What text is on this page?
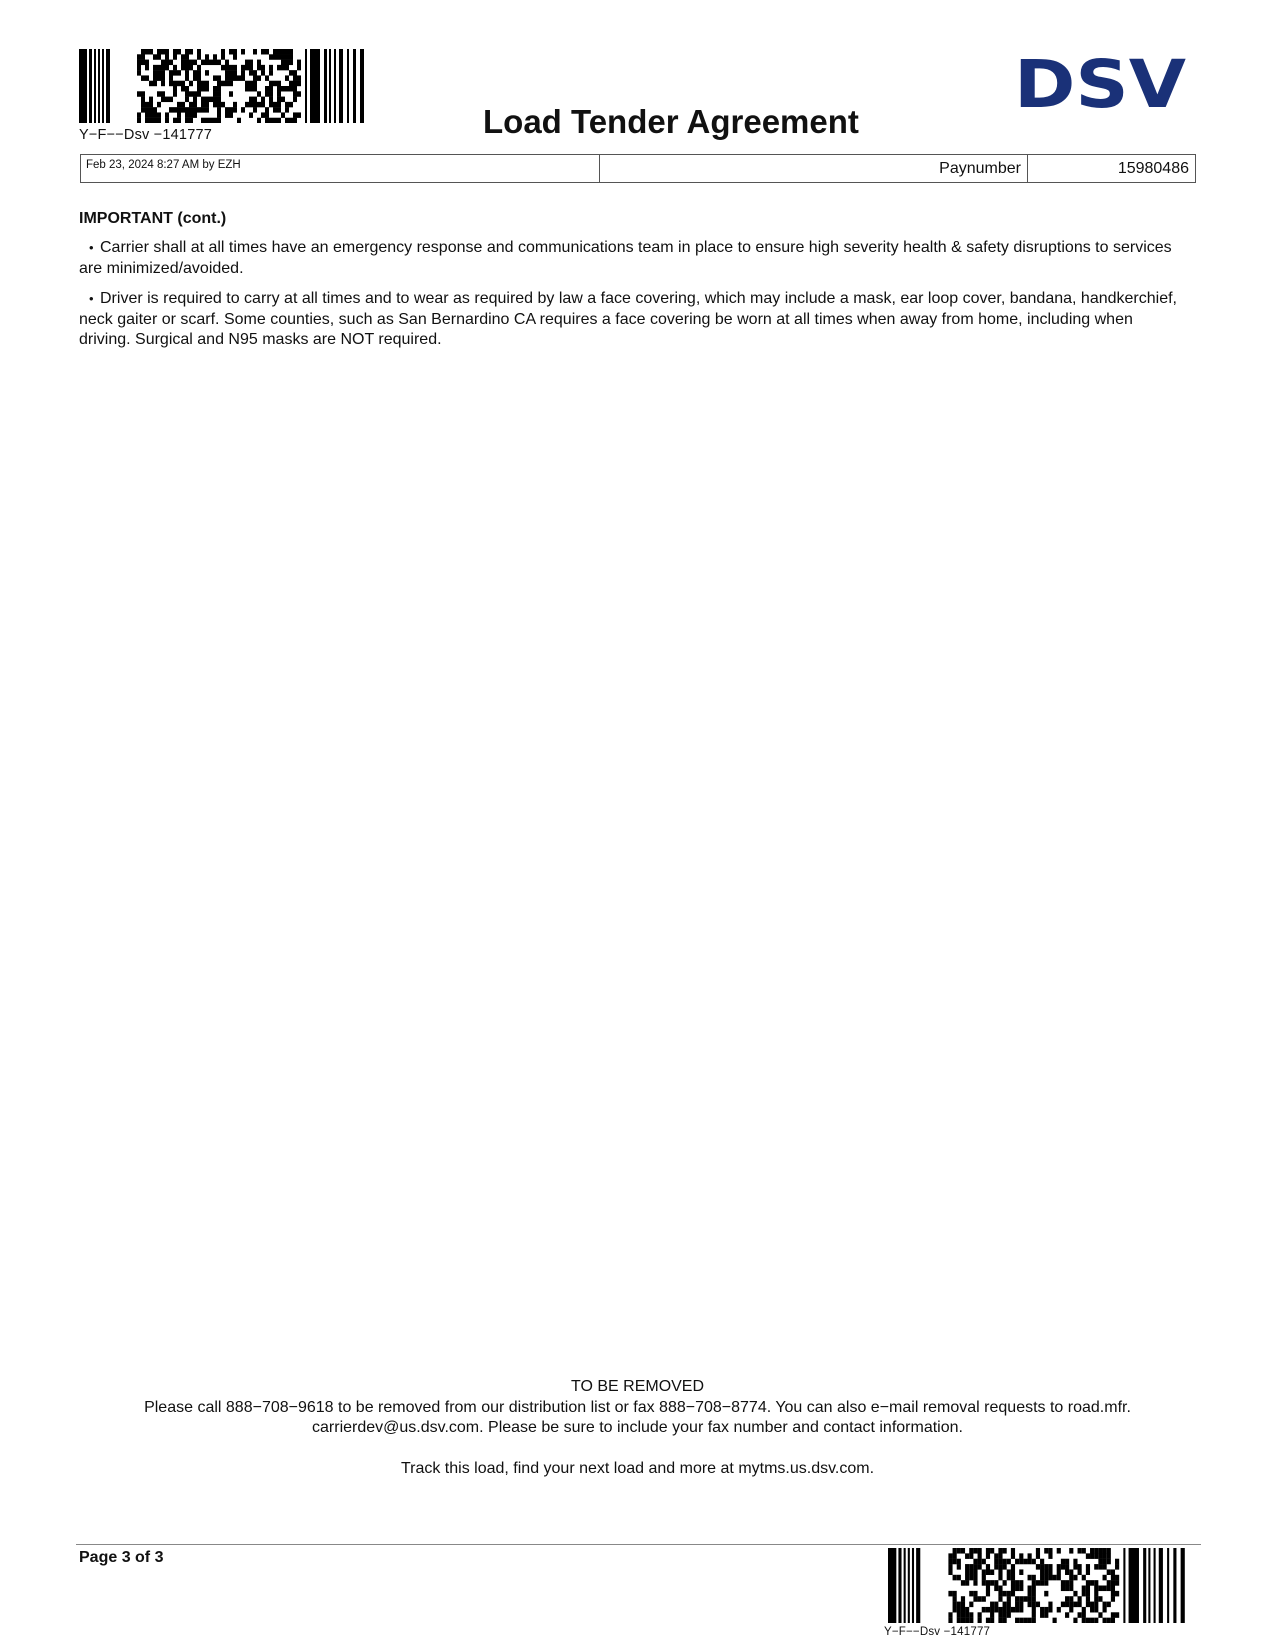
Y−F−−Dsv −141777	Load Tender Agreement DSV
Feb 23, 2024 8:27 AM by EZH	Paynumber	15980486
IMPORTANT (cont.)

• Carrier shall at all times have an emergency response and communications team in place to ensure high severity health & safety disruptions to services are minimized/avoided.

• Driver is required to carry at all times and to wear as required by law a face covering, which may include a mask, ear loop cover, bandana, handkerchief, neck gaiter or scarf. Some counties, such as San Bernardino CA requires a face covering be worn at all times when away from home, including when driving. Surgical and N95 masks are NOT required.

TO BE REMOVED

Please call 888−708−9618 to be removed from our distribution list or fax 888−708−8774. You can also e−mail removal requests to road.mfr.

carrierdev@us.dsv.com. Please be sure to include your fax number and contact information.

Track this load, find your next load and more at mytms.us.dsv.com.

Page 3 of 3
Y−F−−Dsv −141777
